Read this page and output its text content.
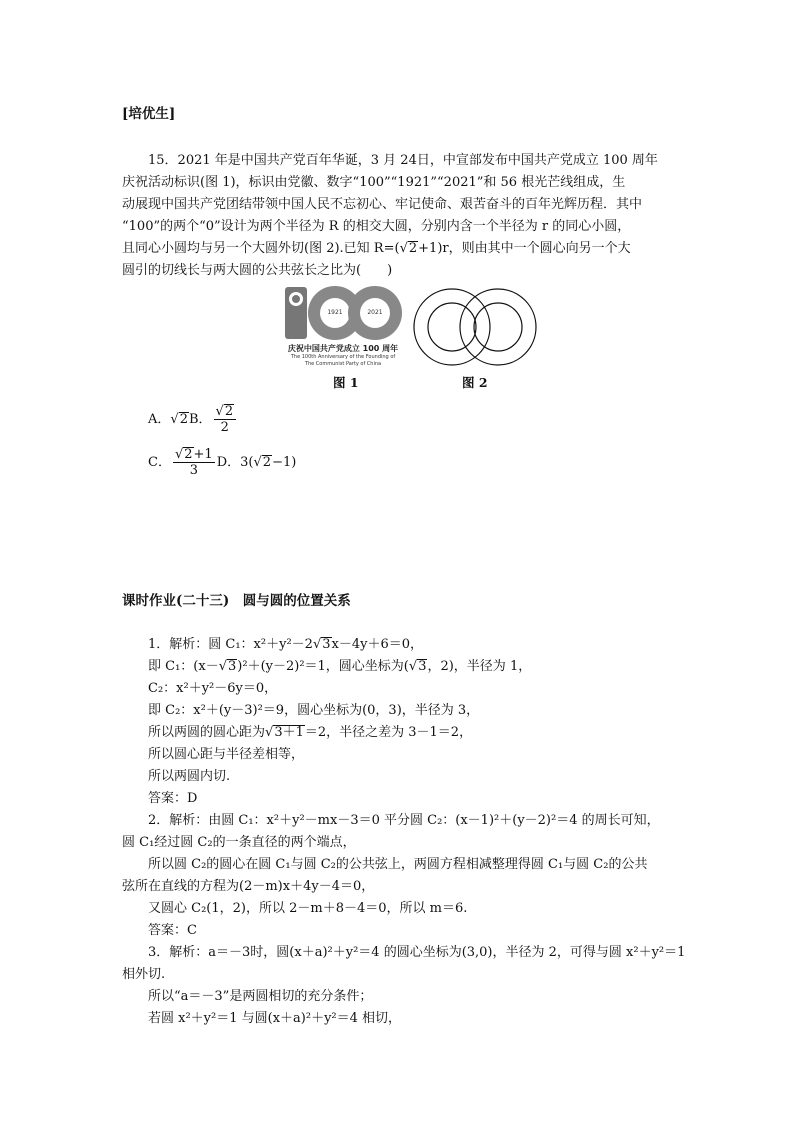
[培优生]
15．2021 年是中国共产党百年华诞，3 月 24日，中宣部发布中国共产党成立 100 周年
庆祝活动标识(图 1)，标识由党徽、数字“100”“1921”“2021”和 56 根光芒线组成，生
动展现中国共产党团结带领中国人民不忘初心、牢记使命、艰苦奋斗的百年光辉历程．其中
“100”的两个“0”设计为两个半径为 R 的相交大圆，分别内含一个半径为 r 的同心小圆，
且同心小圆均与另一个大圆外切(图 2).已知 R=(√2+1)r，则由其中一个圆心向另一个大
圆引的切线长与两大圆的公共弦长之比为(　　)
1921	2021
庆祝中国共产党成立 100 周年
The 100th Anniversary of the Founding of
The Communist Party of China
图 1	图 2
A．√2B． $\frac{√2}{2}$
C． $\frac{√2+1}{3}$ D．3(√2−1)
课时作业(二十三)　圆与圆的位置关系
1．解析：圆 C₁：x²＋y²－2√3x－4y＋6＝0，
即 C₁：(x－√3)²＋(y－2)²＝1，圆心坐标为(√3，2)，半径为 1，
C₂：x²＋y²－6y＝0，
即 C₂：x²＋(y－3)²＝9，圆心坐标为(0，3)，半径为 3，
所以两圆的圆心距为√3＋1＝2，半径之差为 3－1＝2，
所以圆心距与半径差相等，
所以两圆内切.
答案：D
2．解析：由圆 C₁：x²＋y²－mx－3＝0 平分圆 C₂：(x－1)²＋(y－2)²＝4 的周长可知，
圆 C₁经过圆 C₂的一条直径的两个端点，
所以圆 C₂的圆心在圆 C₁与圆 C₂的公共弦上，两圆方程相减整理得圆 C₁与圆 C₂的公共
弦所在直线的方程为(2－m)x＋4y－4＝0，
又圆心 C₂(1，2)，所以 2－m＋8－4＝0，所以 m＝6.
答案：C
3．解析：a＝－3时，圆(x＋a)²＋y²＝4 的圆心坐标为(3,0)，半径为 2，可得与圆 x²＋y²＝1
相外切.
所以“a＝－3”是两圆相切的充分条件；
若圆 x²＋y²＝1 与圆(x＋a)²＋y²＝4 相切，
